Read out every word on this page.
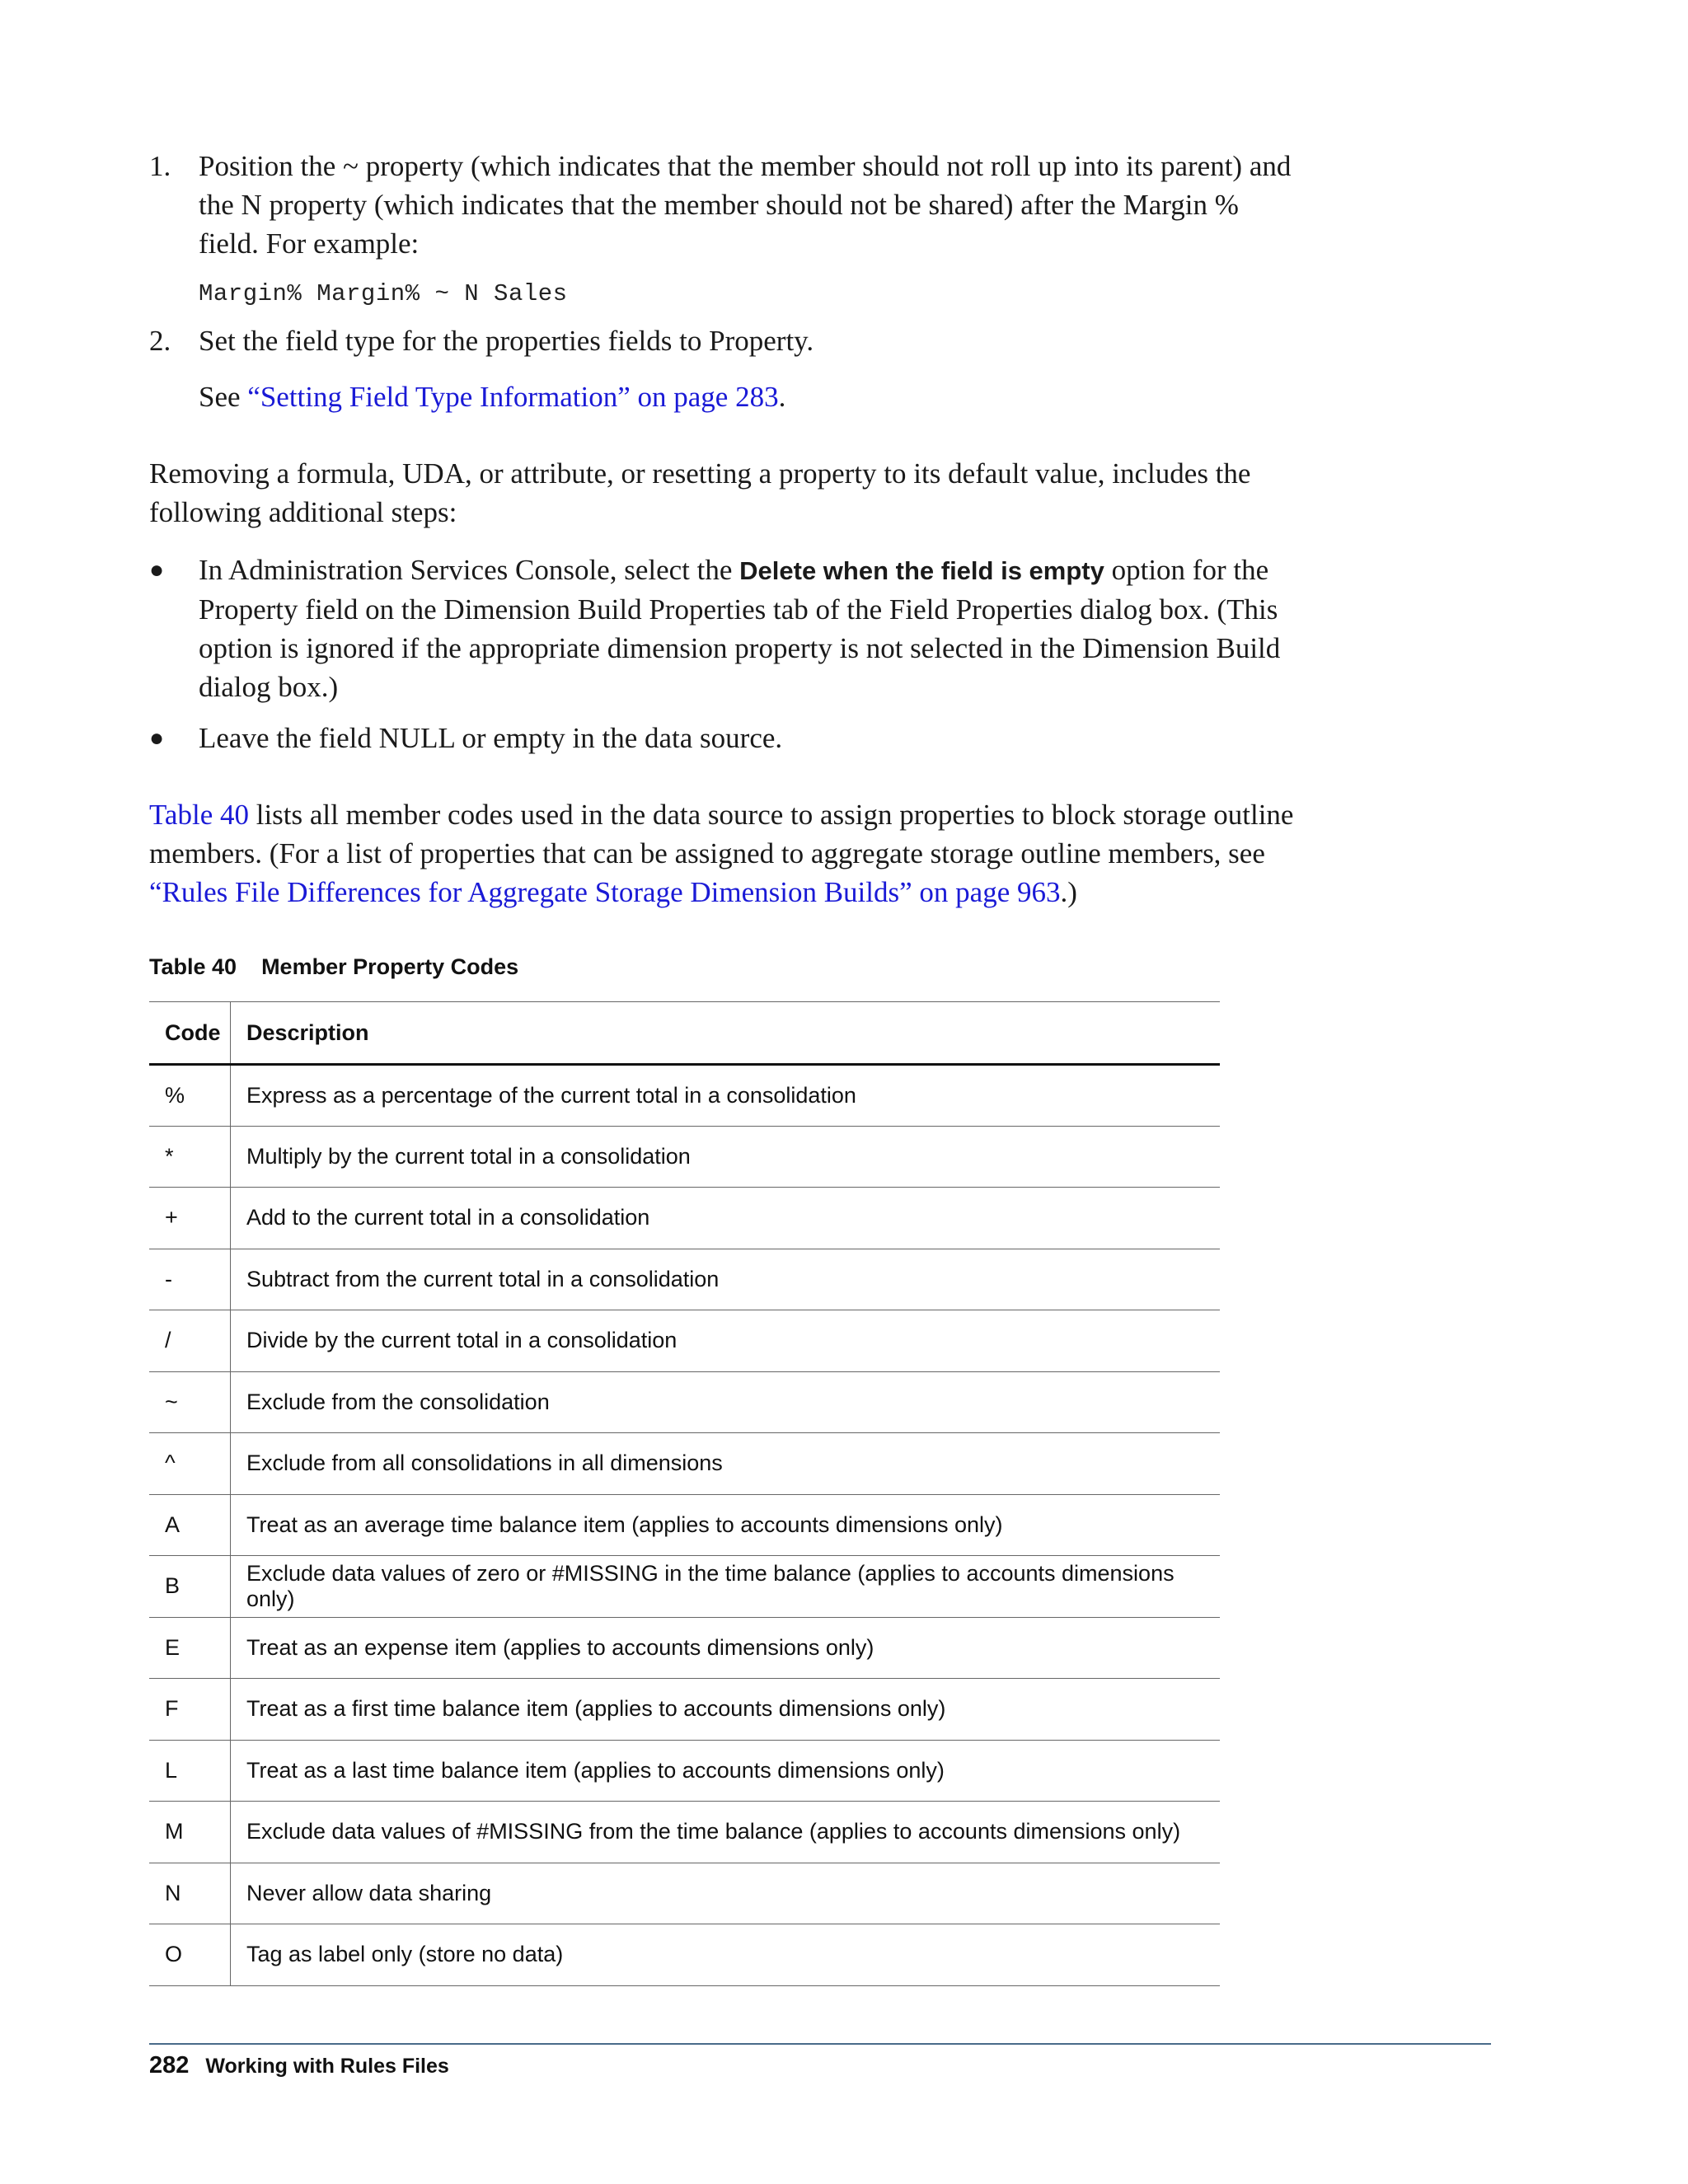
1. Position the ~ property (which indicates that the member should not roll up into its parent) and the N property (which indicates that the member should not be shared) after the Margin % field. For example:
Margin% Margin% ~ N Sales
2. Set the field type for the properties fields to Property.
See “Setting Field Type Information” on page 283.
Removing a formula, UDA, or attribute, or resetting a property to its default value, includes the following additional steps:
● In Administration Services Console, select the Delete when the field is empty option for the Property field on the Dimension Build Properties tab of the Field Properties dialog box. (This option is ignored if the appropriate dimension property is not selected in the Dimension Build dialog box.)
● Leave the field NULL or empty in the data source.
Table 40 lists all member codes used in the data source to assign properties to block storage outline members. (For a list of properties that can be assigned to aggregate storage outline members, see “Rules File Differences for Aggregate Storage Dimension Builds” on page 963.)
Table 40 Member Property Codes
Code	Description
%	Express as a percentage of the current total in a consolidation
*	Multiply by the current total in a consolidation
+	Add to the current total in a consolidation
-	Subtract from the current total in a consolidation
/	Divide by the current total in a consolidation
~	Exclude from the consolidation
^	Exclude from all consolidations in all dimensions
A	Treat as an average time balance item (applies to accounts dimensions only)
B	Exclude data values of zero or #MISSING in the time balance (applies to accounts dimensions only)
E	Treat as an expense item (applies to accounts dimensions only)
F	Treat as a first time balance item (applies to accounts dimensions only)
L	Treat as a last time balance item (applies to accounts dimensions only)
M	Exclude data values of #MISSING from the time balance (applies to accounts dimensions only)
N	Never allow data sharing
O	Tag as label only (store no data)
282 Working with Rules Files
